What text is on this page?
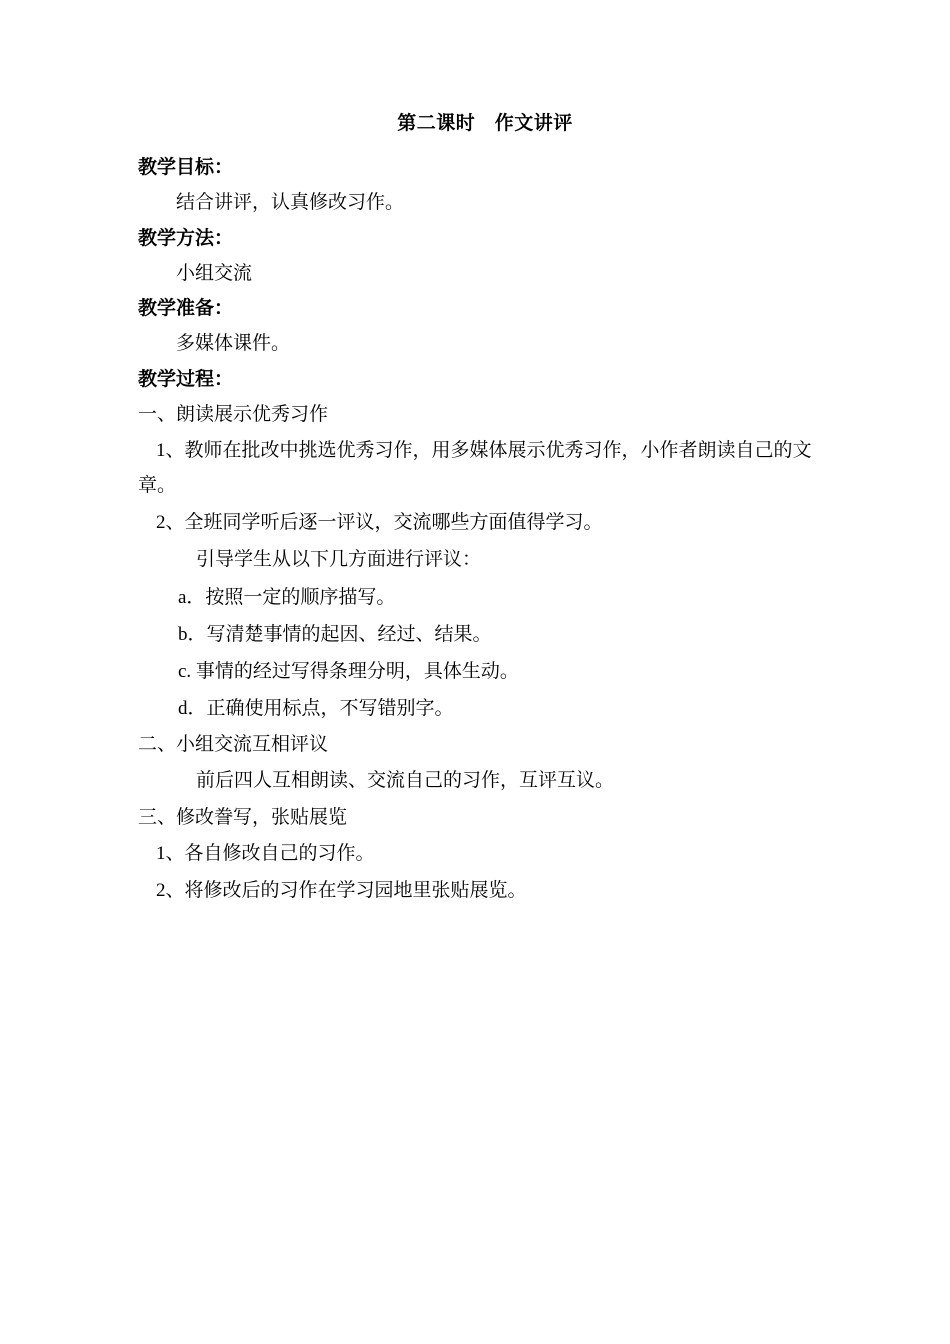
第二课时　作文讲评
教学目标：
结合讲评，认真修改习作。
教学方法：
小组交流
教学准备：
多媒体课件。
教学过程：
一、朗读展示优秀习作
1、教师在批改中挑选优秀习作，用多媒体展示优秀习作，小作者朗读自己的文章。
2、全班同学听后逐一评议，交流哪些方面值得学习。
引导学生从以下几方面进行评议：
a．按照一定的顺序描写。
b．写清楚事情的起因、经过、结果。
c. 事情的经过写得条理分明，具体生动。
d．正确使用标点，不写错别字。
二、小组交流互相评议
前后四人互相朗读、交流自己的习作，互评互议。
三、修改誊写，张贴展览
1、各自修改自己的习作。
2、将修改后的习作在学习园地里张贴展览。
